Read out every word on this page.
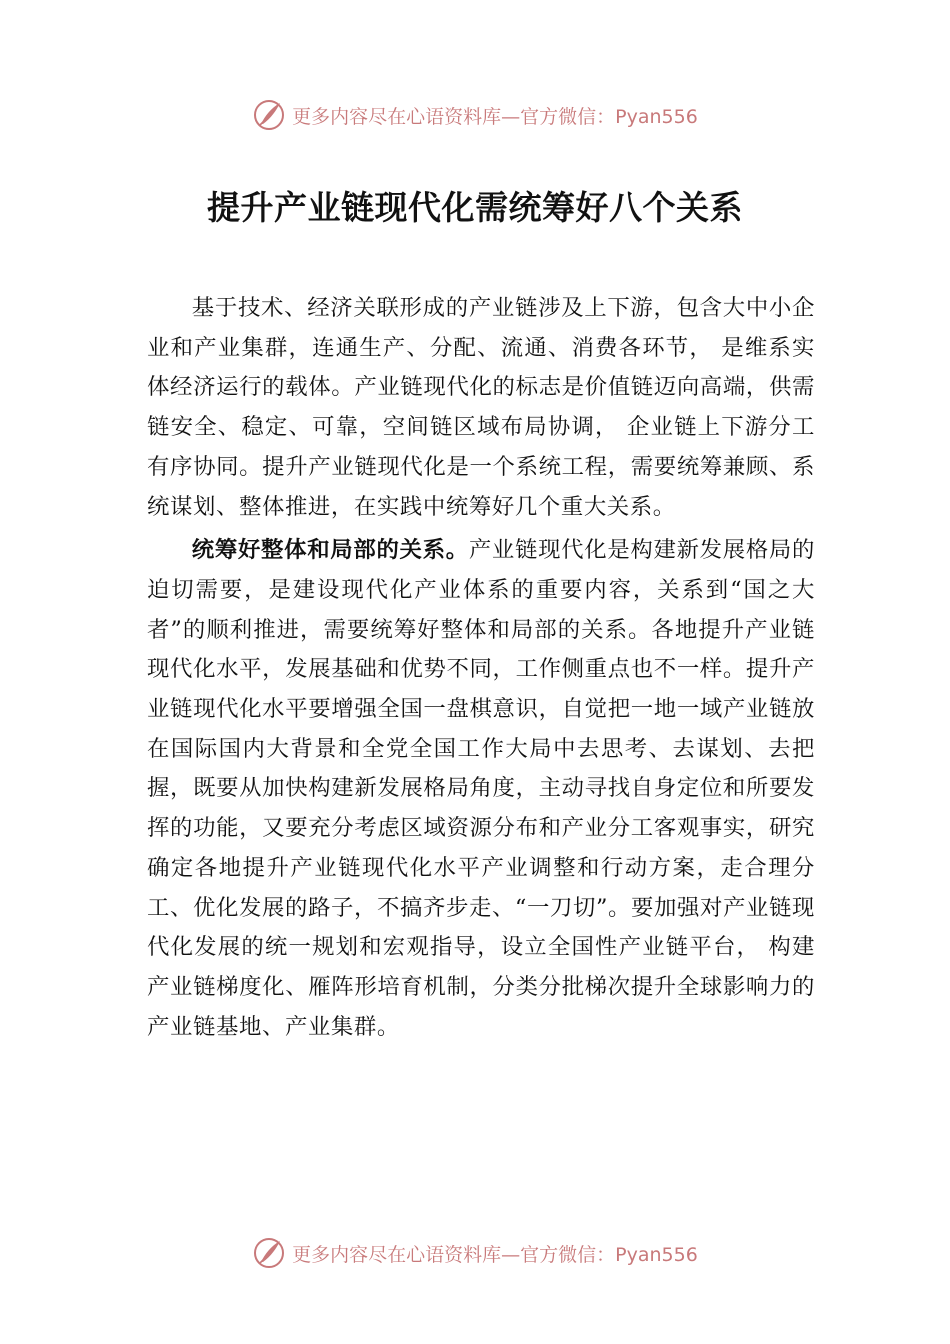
更多内容尽在心语资料库—官方微信：Pyan556
提升产业链现代化需统筹好八个关系

基于技术、经济关联形成的产业链涉及上下游，包含大中小企业和产业集群，连通生产、分配、流通、消费各环节， 是维系实体经济运行的载体。产业链现代化的标志是价值链迈向高端，供需链安全、稳定、可靠，空间链区域布局协调， 企业链上下游分工有序协同。提升产业链现代化是一个系统工程，需要统筹兼顾、系统谋划、整体推进，在实践中统筹好几个重大关系。

统筹好整体和局部的关系。产业链现代化是构建新发展格局的迫切需要，是建设现代化产业体系的重要内容，关系到“国之大者”的顺利推进，需要统筹好整体和局部的关系。各地提升产业链现代化水平，发展基础和优势不同，工作侧重点也不一样。提升产业链现代化水平要增强全国一盘棋意识，自觉把一地一域产业链放在国际国内大背景和全党全国工作大局中去思考、去谋划、去把握，既要从加快构建新发展格局角度，主动寻找自身定位和所要发挥的功能，又要充分考虑区域资源分布和产业分工客观事实，研究确定各地提升产业链现代化水平产业调整和行动方案，走合理分工、优化发展的路子，不搞齐步走、“一刀切”。要加强对产业链现代化发展的统一规划和宏观指导，设立全国性产业链平台， 构建产业链梯度化、雁阵形培育机制，分类分批梯次提升全球影响力的产业链基地、产业集群。

更多内容尽在心语资料库—官方微信：Pyan556
